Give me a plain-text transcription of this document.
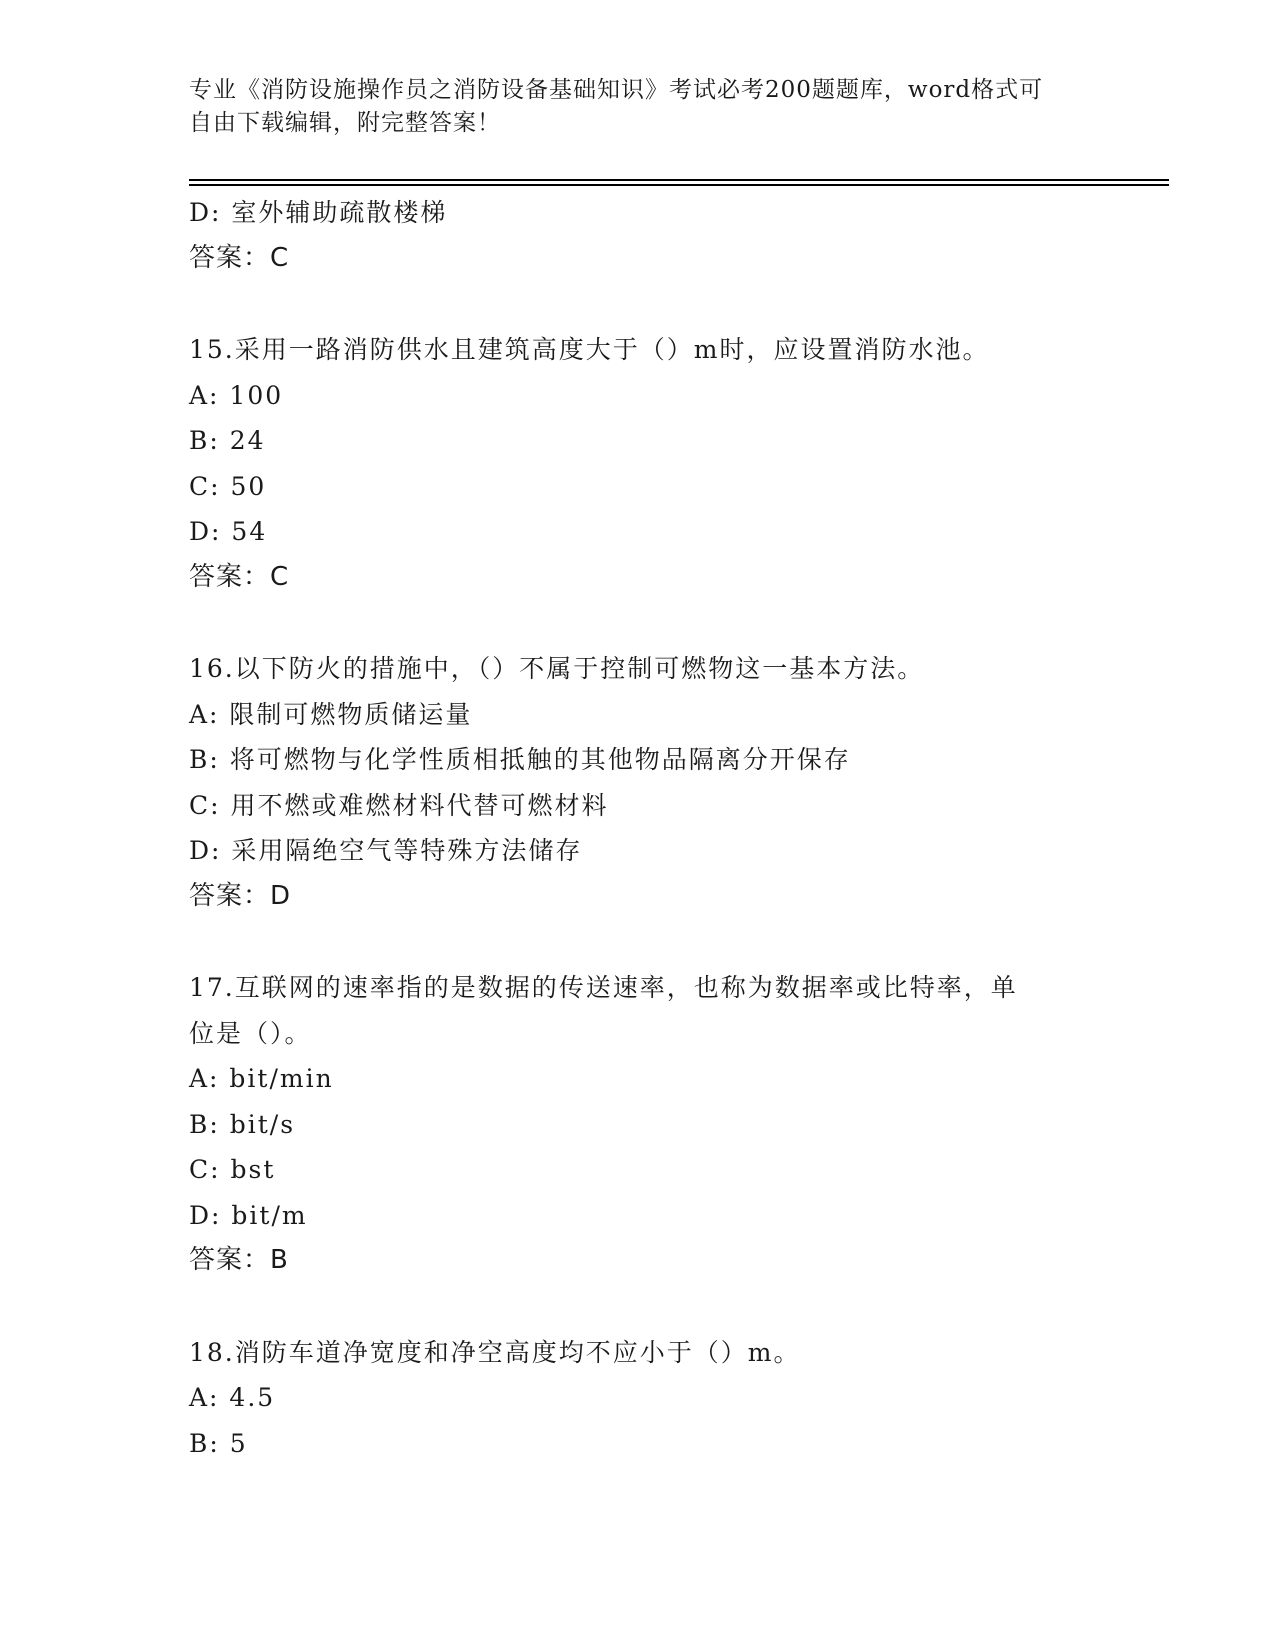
专业《消防设施操作员之消防设备基础知识》考试必考200题题库，word格式可
自由下载编辑，附完整答案！
D: 室外辅助疏散楼梯
答案：C
15.采用一路消防供水且建筑高度大于（）m时，应设置消防水池。
A: 100
B: 24
C: 50
D: 54
答案：C
16.以下防火的措施中，（）不属于控制可燃物这一基本方法。
A: 限制可燃物质储运量
B: 将可燃物与化学性质相抵触的其他物品隔离分开保存
C: 用不燃或难燃材料代替可燃材料
D: 采用隔绝空气等特殊方法储存
答案：D
17.互联网的速率指的是数据的传送速率，也称为数据率或比特率，单
位是（）。
A: bit/min
B: bit/s
C: bst
D: bit/m
答案：B
18.消防车道净宽度和净空高度均不应小于（）m。
A: 4.5
B: 5
